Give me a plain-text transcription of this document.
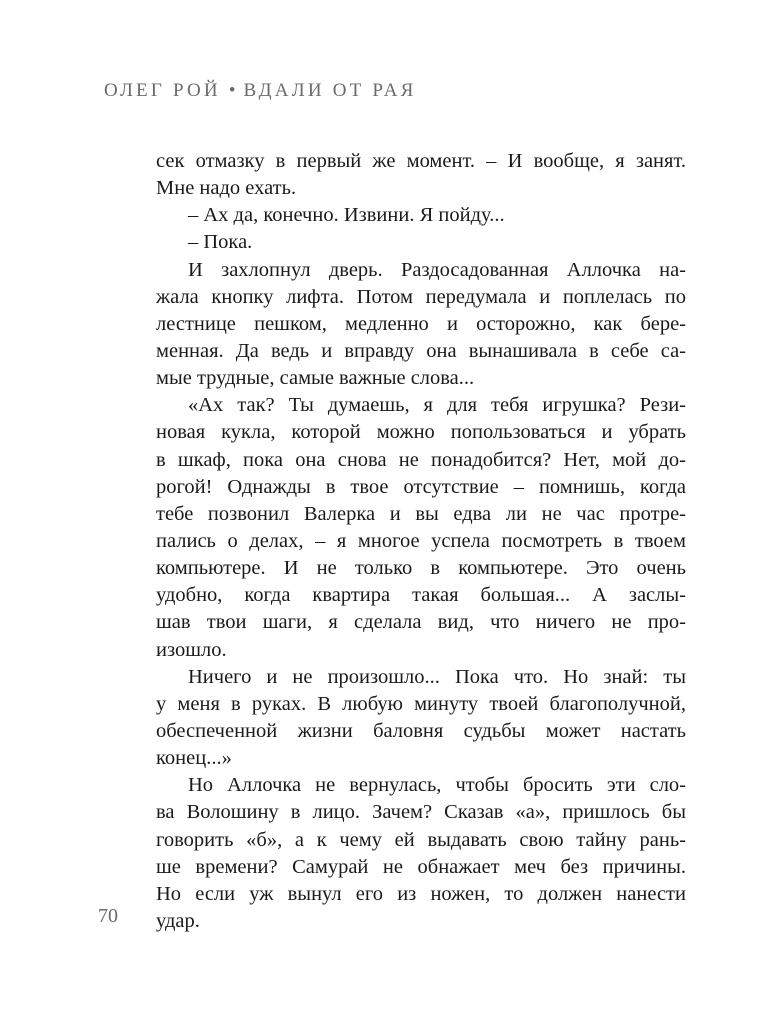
ОЛЕГ РОЙ • ВДАЛИ ОТ РАЯ
сек отмазку в первый же момент. – И вообще, я занят.
Мне надо ехать.
– Ах да, конечно. Извини. Я пойду...
– Пока.
И захлопнул дверь. Раздосадованная Аллочка на-
жала кнопку лифта. Потом передумала и поплелась по
лестнице пешком, медленно и осторожно, как бере-
менная. Да ведь и вправду она вынашивала в себе са-
мые трудные, самые важные слова...
«Ах так? Ты думаешь, я для тебя игрушка? Рези-
новая кукла, которой можно попользоваться и убрать
в шкаф, пока она снова не понадобится? Нет, мой до-
рогой! Однажды в твое отсутствие – помнишь, когда
тебе позвонил Валерка и вы едва ли не час протре-
пались о делах, – я многое успела посмотреть в твоем
компьютере. И не только в компьютере. Это очень
удобно, когда квартира такая большая... А заслы-
шав твои шаги, я сделала вид, что ничего не про-
изошло.
Ничего и не произошло... Пока что. Но знай: ты
у меня в руках. В любую минуту твоей благополучной,
обеспеченной жизни баловня судьбы может настать
конец...»
Но Аллочка не вернулась, чтобы бросить эти сло-
ва Волошину в лицо. Зачем? Сказав «а», пришлось бы
говорить «б», а к чему ей выдавать свою тайну рань-
ше времени? Самурай не обнажает меч без причины.
Но если уж вынул его из ножен, то должен нанести
удар.
70
